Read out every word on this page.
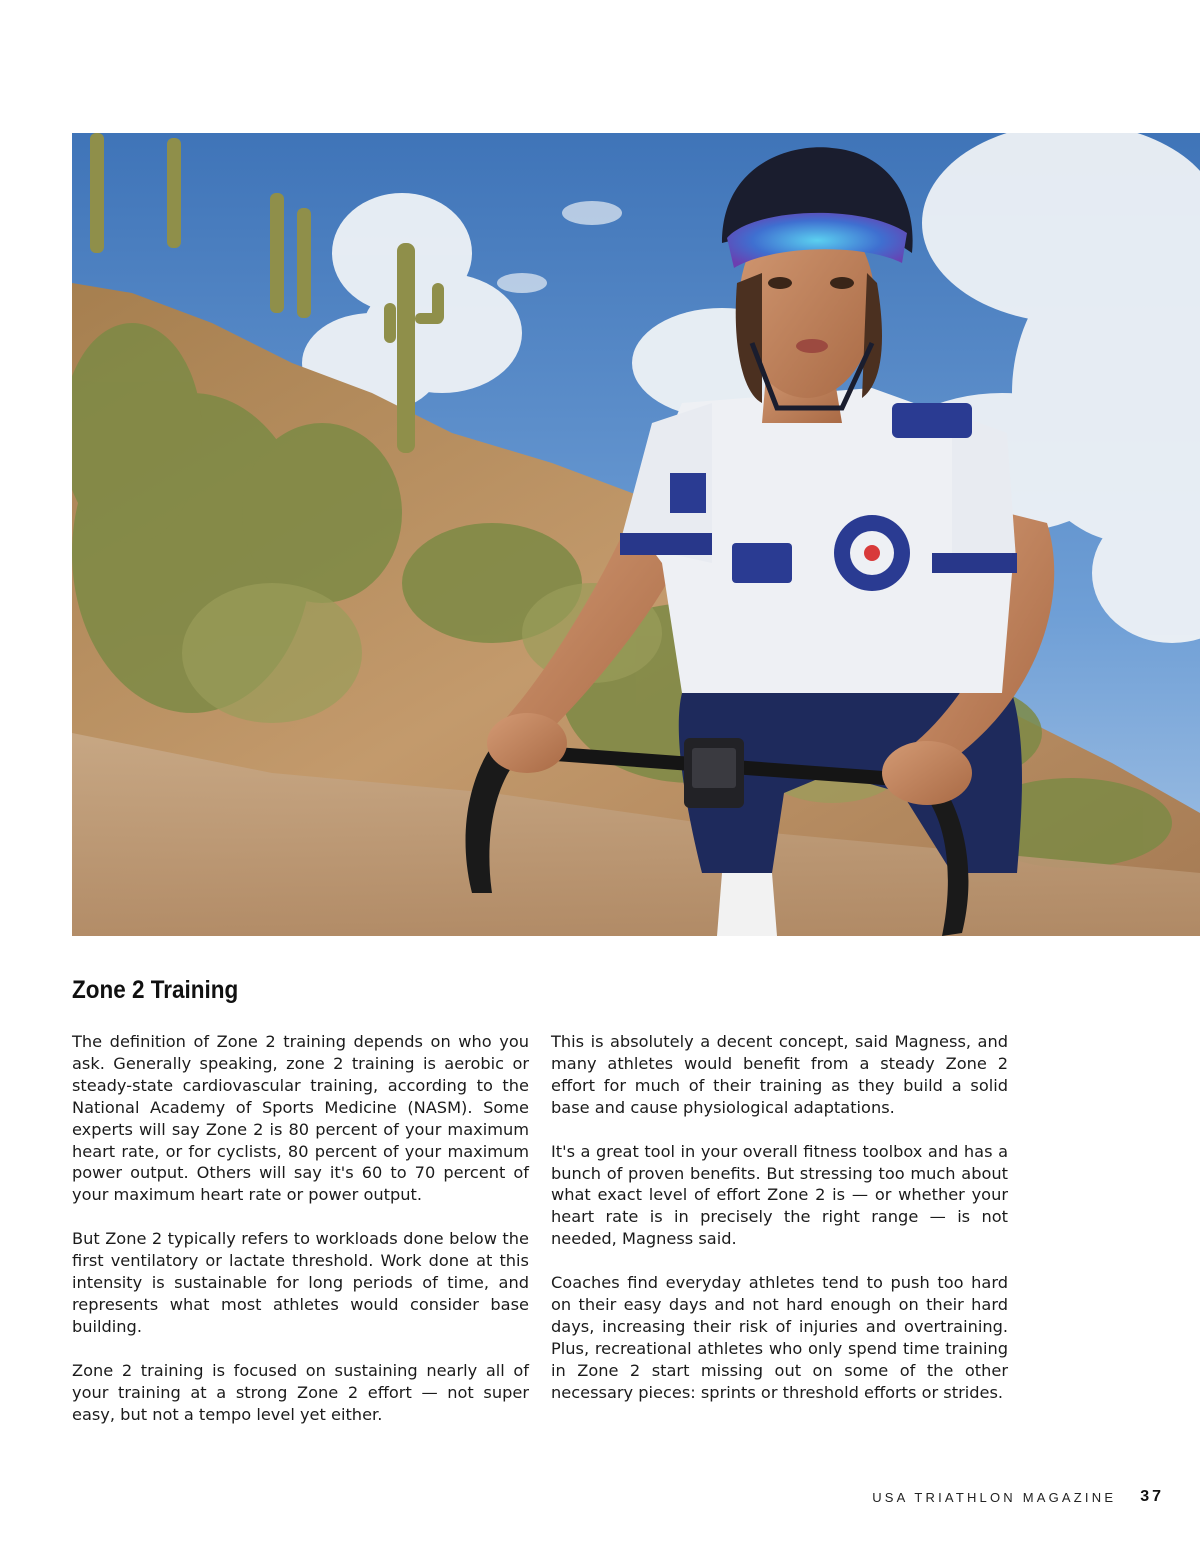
Zone 2 Training

The definition of Zone 2 training depends on who you ask. Generally speaking, zone 2 training is aerobic or steady-state cardiovascular training, according to the National Academy of Sports Medicine (NASM). Some experts will say Zone 2 is 80 percent of your maximum heart rate, or for cyclists, 80 percent of your maximum power output. Others will say it's 60 to 70 percent of your maximum heart rate or power output.

But Zone 2 typically refers to workloads done below the first ventilatory or lactate threshold. Work done at this intensity is sustainable for long periods of time, and represents what most athletes would consider base building.

Zone 2 training is focused on sustaining nearly all of your training at a strong Zone 2 effort — not super easy, but not a tempo level yet either.

This is absolutely a decent concept, said Magness, and many athletes would benefit from a steady Zone 2 effort for much of their training as they build a solid base and cause physiological adaptations.

It's a great tool in your overall fitness toolbox and has a bunch of proven benefits. But stressing too much about what exact level of effort Zone 2 is — or whether your heart rate is in precisely the right range — is not needed, Magness said.

Coaches find everyday athletes tend to push too hard on their easy days and not hard enough on their hard days, increasing their risk of injuries and overtraining. Plus, recreational athletes who only spend time training in Zone 2 start missing out on some of the other necessary pieces: sprints or threshold efforts or strides.

USA TRIATHLON MAGAZINE 37
